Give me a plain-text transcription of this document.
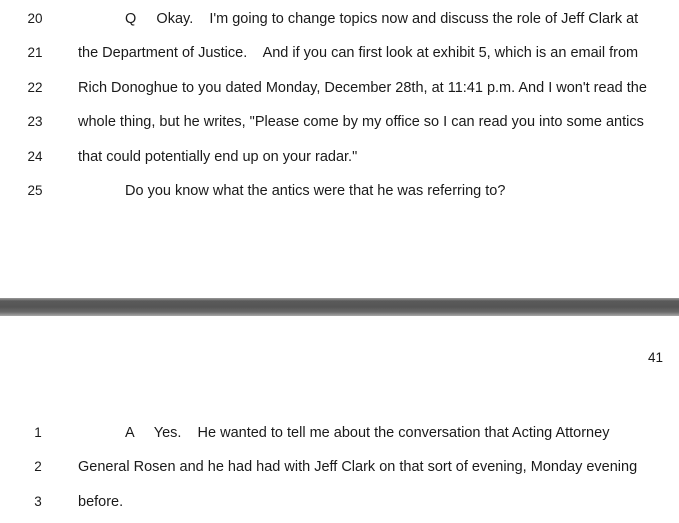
20	Q     Okay.    I'm going to change topics now and discuss the role of Jeff Clark at
21	the Department of Justice.    And if you can first look at exhibit 5, which is an email from
22	Rich Donoghue to you dated Monday, December 28th, at 11:41 p.m. And I won't read the
23	whole thing, but he writes, "Please come by my office so I can read you into some antics
24	that could potentially end up on your radar."
25	Do you know what the antics were that he was referring to?
41
1	A     Yes.    He wanted to tell me about the conversation that Acting Attorney
2	General Rosen and he had had with Jeff Clark on that sort of evening, Monday evening
3	before.
